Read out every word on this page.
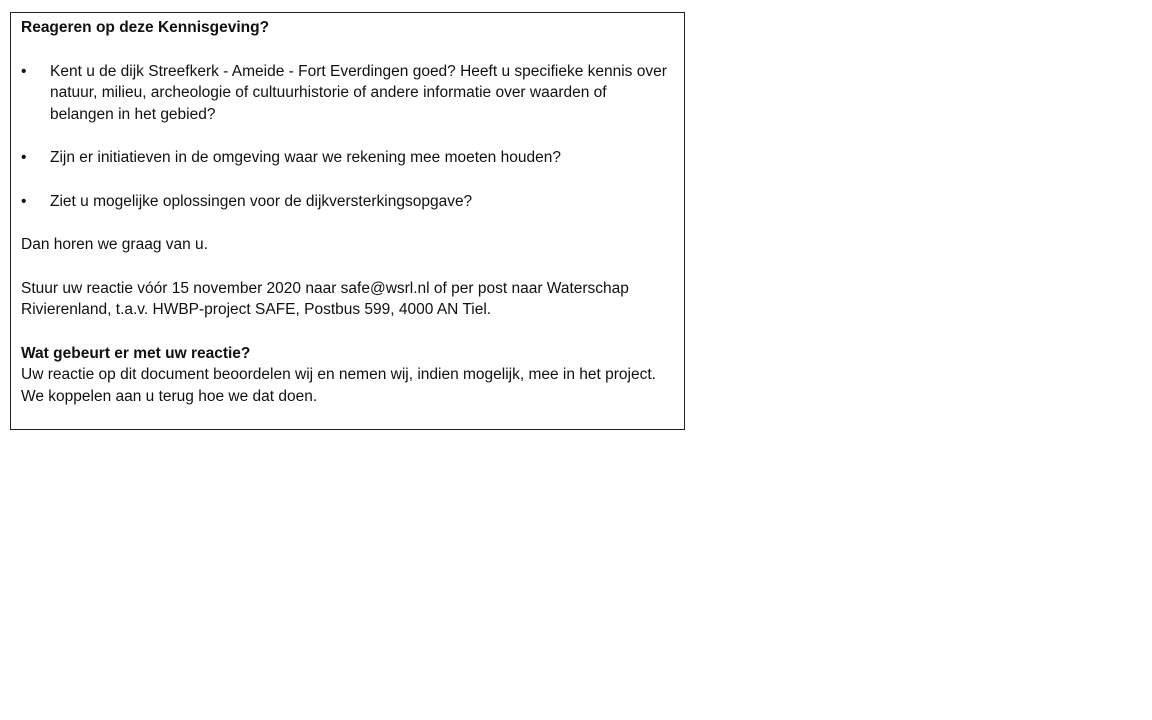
Reageren op deze Kennisgeving?

•	Kent u de dijk Streefkerk - Ameide - Fort Everdingen goed? Heeft u specifieke kennis over natuur, milieu, archeologie of cultuurhistorie of andere informatie over waarden of belangen in het gebied?
•	Zijn er initiatieven in de omgeving waar we rekening mee moeten houden?
•	Ziet u mogelijke oplossingen voor de dijkversterkingsopgave?

Dan horen we graag van u.

Stuur uw reactie vóór 15 november 2020 naar safe@wsrl.nl of per post naar Waterschap Rivierenland, t.a.v. HWBP-project SAFE, Postbus 599, 4000 AN Tiel.

Wat gebeurt er met uw reactie?

Uw reactie op dit document beoordelen wij en nemen wij, indien mogelijk, mee in het project. We koppelen aan u terug hoe we dat doen.
